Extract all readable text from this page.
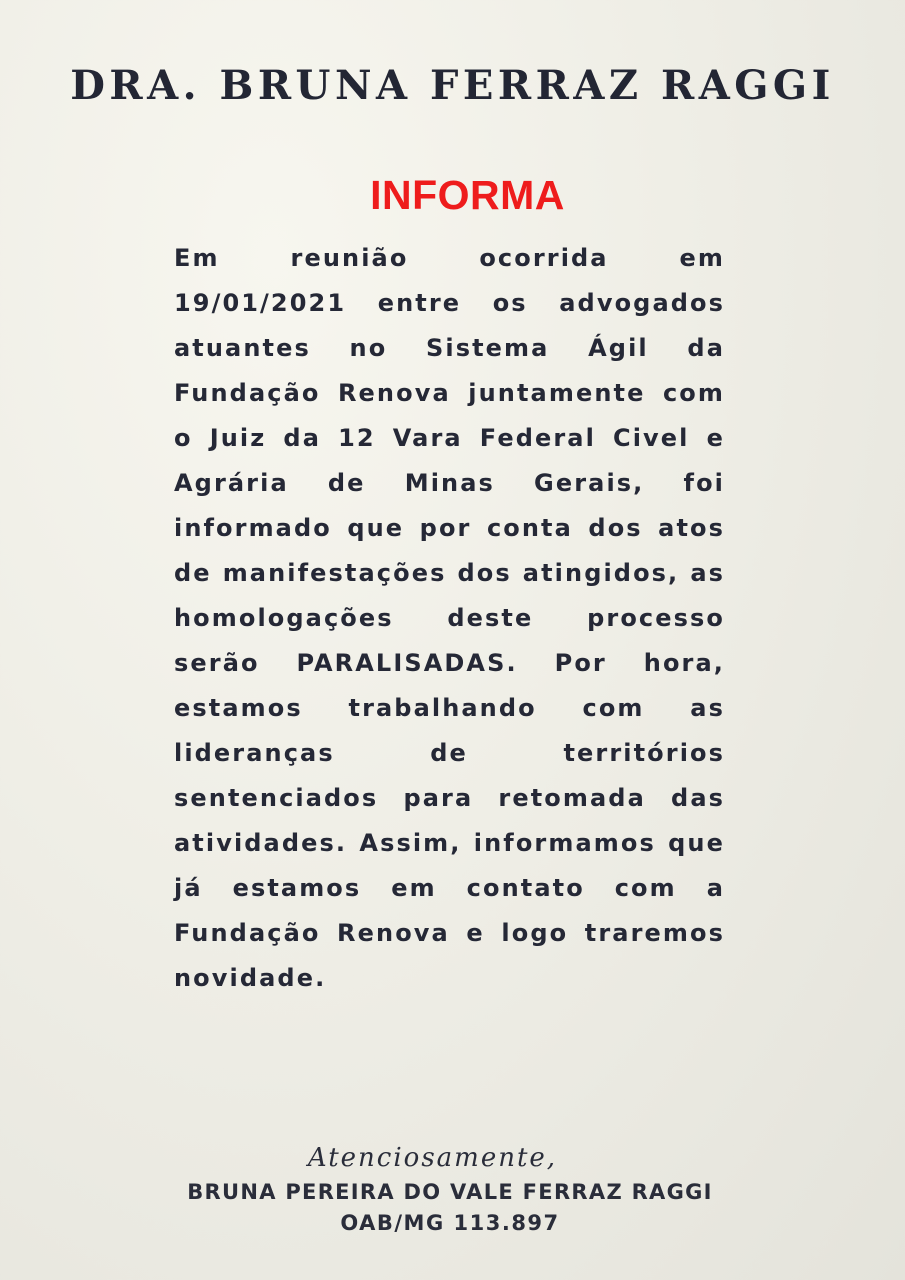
DRA. BRUNA FERRAZ RAGGI
INFORMA

Em reunião ocorrida em 19/01/2021 entre os advogados atuantes no Sistema Ágil da Fundação Renova juntamente com o Juiz da 12 Vara Federal Civel e Agrária de Minas Gerais, foi informado que por conta dos atos de manifestações dos atingidos, as homologações deste processo serão PARALISADAS. Por hora, estamos trabalhando com as lideranças de territórios sentenciados para retomada das atividades. Assim, informamos que já estamos em contato com a Fundação Renova e logo traremos novidade.

Atenciosamente,
BRUNA PEREIRA DO VALE FERRAZ RAGGI
OAB/MG 113.897
